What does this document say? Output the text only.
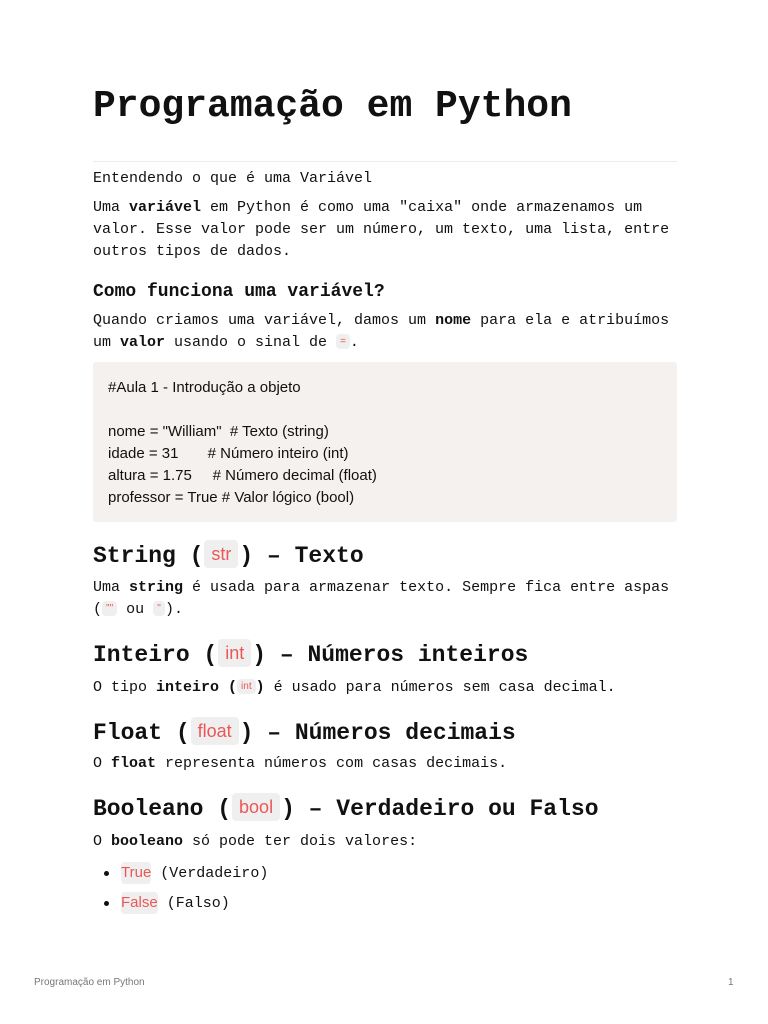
Programação em Python

Entendendo o que é uma Variável

Uma variável em Python é como uma "caixa" onde armazenamos um valor. Esse valor pode ser um número, um texto, uma lista, entre outros tipos de dados.

Como funciona uma variável?

Quando criamos uma variável, damos um nome para ela e atribuímos um valor usando o sinal de = .

#Aula 1 - Introdução a objeto

nome = "William"  # Texto (string)

idade = 31       # Número inteiro (int)

altura = 1.75     # Número decimal (float)

professor = True # Valor lógico (bool)

String ( str ) – Texto

Uma string é usada para armazenar texto. Sempre fica entre aspas ( "" ou '' ).

Inteiro ( int ) – Números inteiros

O tipo inteiro ( int ) é usado para números sem casa decimal.

Float ( float ) – Números decimais

O float representa números com casas decimais.

Booleano ( bool ) – Verdadeiro ou Falso

O booleano só pode ter dois valores:

True (Verdadeiro)
False (Falso)
Programação em Python	1
